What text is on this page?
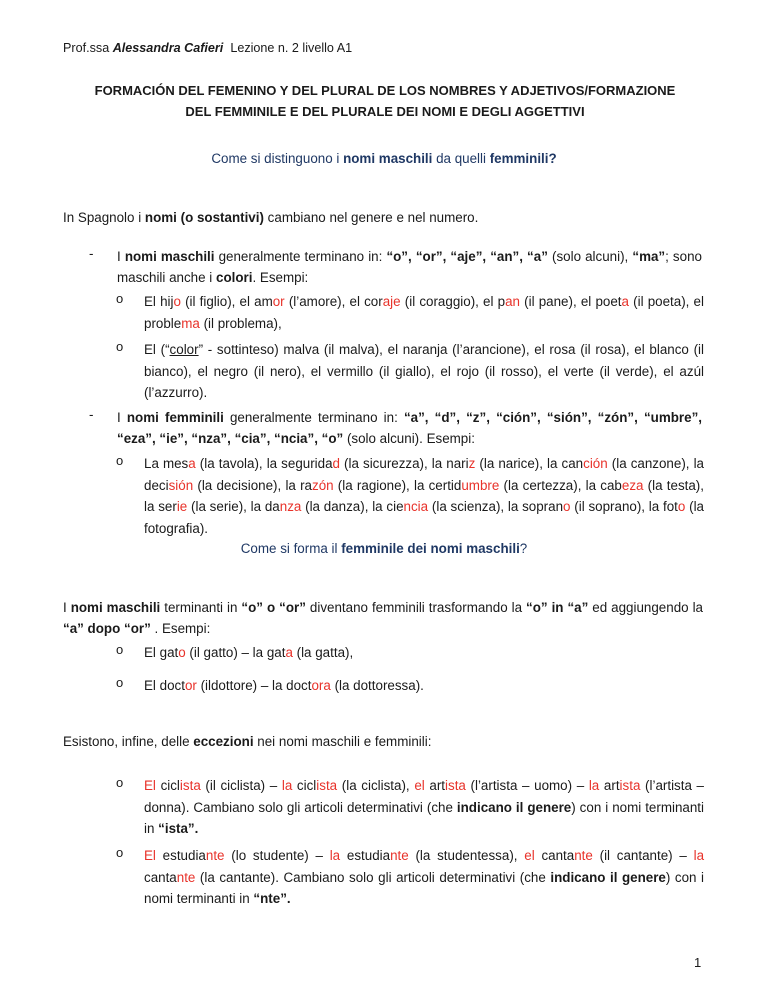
Prof.ssa Alessandra Cafieri Lezione n. 2 livello A1
FORMACIÓN DEL FEMENINO Y DEL PLURAL DE LOS NOMBRES Y ADJETIVOS/FORMAZIONE DEL FEMMINILE E DEL PLURALE DEI NOMI E DEGLI AGGETTIVI
Come si distinguono i nomi maschili da quelli femminili?
In Spagnolo i nomi (o sostantivi) cambiano nel genere e nel numero.
- I nomi maschili generalmente terminano in: “o”, “or”, “aje”, “an”, “a” (solo alcuni), “ma”; sono maschili anche i colori. Esempi:
o El hijo (il figlio), el amor (l’amore), el coraje (il coraggio), el pan (il pane), el poeta (il poeta), el problema (il problema),
o El (“color” - sottinteso) malva (il malva), el naranja (l’arancione), el rosa (il rosa), el blanco (il bianco), el negro (il nero), el vermillo (il giallo), el rojo (il rosso), el verte (il verde), el azúl (l’azzurro).
- I nomi femminili generalmente terminano in: “a”, “d”, “z”, “ción”, “sión”, “zón”, “umbre”, “eza”, “ie”, “nza”, “cia”, “ncia”, “o” (solo alcuni). Esempi:
o La mesa (la tavola), la seguridad (la sicurezza), la nariz (la narice), la canción (la canzone), la decisión (la decisione), la razón (la ragione), la certidumbre (la certezza), la cabeza (la testa), la serie (la serie), la danza (la danza), la ciencia (la scienza), la soprano (il soprano), la foto (la fotografia).
Come si forma il femminile dei nomi maschili?
I nomi maschili terminanti in “o” o “or” diventano femminili trasformando la “o” in “a” ed aggiungendo la “a” dopo “or” . Esempi:
o El gato (il gatto) – la gata (la gatta),
o El doctor (ildottore) – la doctora (la dottoressa).
Esistono, infine, delle eccezioni nei nomi maschili e femminili:
o El ciclista (il ciclista) – la ciclista (la ciclista), el artista (l’artista – uomo) – la artista (l’artista – donna). Cambiano solo gli articoli determinativi (che indicano il genere) con i nomi terminanti in “ista”.
o El estudiante (lo studente) – la estudiante (la studentessa), el cantante (il cantante) – la cantante (la cantante). Cambiano solo gli articoli determinativi (che indicano il genere) con i nomi terminanti in “nte”.
1
